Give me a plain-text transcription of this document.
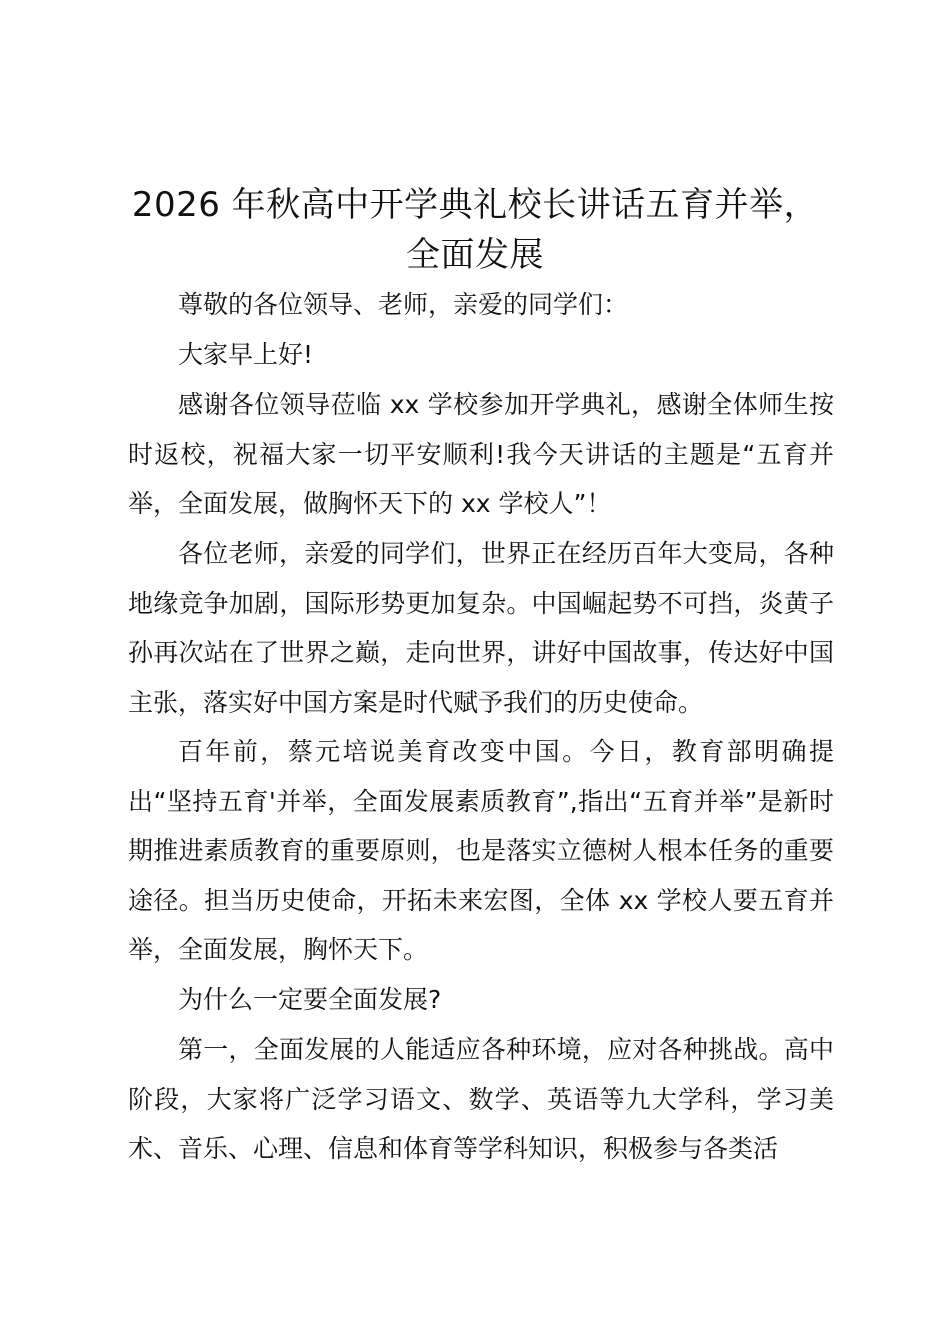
2026 年秋高中开学典礼校长讲话五育并举，
全面发展

尊敬的各位领导、老师，亲爱的同学们：

大家早上好!

感谢各位领导莅临 xx 学校参加开学典礼，感谢全体师生按时返校，祝福大家一切平安顺利!我今天讲话的主题是“五育并举，全面发展，做胸怀天下的 xx 学校人”！

各位老师，亲爱的同学们，世界正在经历百年大变局，各种地缘竞争加剧，国际形势更加复杂。中国崛起势不可挡，炎黄子孙再次站在了世界之巅，走向世界，讲好中国故事，传达好中国主张，落实好中国方案是时代赋予我们的历史使命。

百年前，蔡元培说美育改变中国。今日，教育部明确提出“坚持五育'并举，全面发展素质教育”,指出“五育并举”是新时期推进素质教育的重要原则，也是落实立德树人根本任务的重要途径。担当历史使命，开拓未来宏图，全体 xx 学校人要五育并举，全面发展，胸怀天下。

为什么一定要全面发展?

第一，全面发展的人能适应各种环境，应对各种挑战。高中阶段，大家将广泛学习语文、数学、英语等九大学科，学习美术、音乐、心理、信息和体育等学科知识，积极参与各类活
